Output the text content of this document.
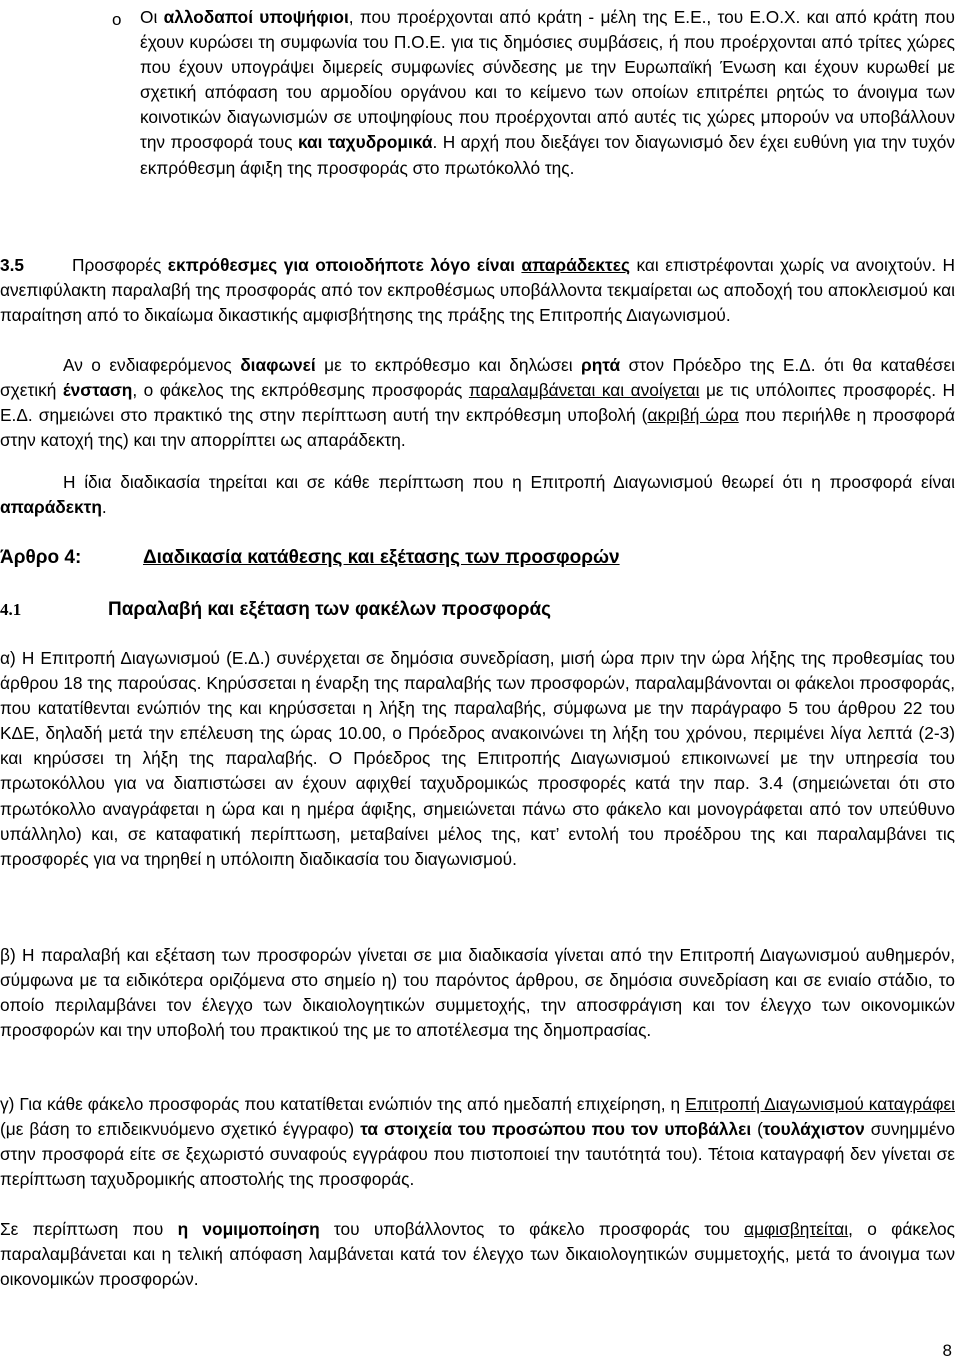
o Οι αλλοδαποί υποψήφιοι, που προέρχονται από κράτη - μέλη της Ε.Ε., του Ε.Ο.Χ. και από κράτη που έχουν κυρώσει τη συμφωνία του Π.Ο.Ε. για τις δημόσιες συμβάσεις, ή που προέρχονται από τρίτες χώρες που έχουν υπογράψει διμερείς συμφωνίες σύνδεσης με την Ευρωπαϊκή Ένωση και έχουν κυρωθεί με σχετική απόφαση του αρμοδίου οργάνου και το κείμενο των οποίων επιτρέπει ρητώς το άνοιγμα των κοινοτικών διαγωνισμών σε υποψηφίους που προέρχονται από αυτές τις χώρες μπορούν να υποβάλλουν την προσφορά τους και ταχυδρομικά. Η αρχή που διεξάγει τον διαγωνισμό δεν έχει ευθύνη για την τυχόν εκπρόθεσμη άφιξη της προσφοράς στο πρωτόκολλό της.

3.5	Προσφορές εκπρόθεσμες για οποιοδήποτε λόγο είναι απαράδεκτες και επιστρέφονται χωρίς να ανοιχτούν. Η ανεπιφύλακτη παραλαβή της προσφοράς από τον εκπροθέσμως υποβάλλοντα τεκμαίρεται ως αποδοχή του αποκλεισμού και παραίτηση από το δικαίωμα δικαστικής αμφισβήτησης της πράξης της Επιτροπής Διαγωνισμού.

Αν ο ενδιαφερόμενος διαφωνεί με το εκπρόθεσμο και δηλώσει ρητά στον Πρόεδρο της Ε.Δ. ότι θα καταθέσει σχετική ένσταση, ο φάκελος της εκπρόθεσμης προσφοράς παραλαμβάνεται και ανοίγεται με τις υπόλοιπες προσφορές. Η Ε.Δ. σημειώνει στο πρακτικό της στην περίπτωση αυτή την εκπρόθεσμη υποβολή (ακριβή ώρα που περιήλθε η προσφορά στην κατοχή της) και την απορρίπτει ως απαράδεκτη.

Η ίδια διαδικασία τηρείται και σε κάθε περίπτωση που η Επιτροπή Διαγωνισμού θεωρεί ότι η προσφορά είναι απαράδεκτη.

Άρθρο 4:	Διαδικασία κατάθεσης και εξέτασης των προσφορών
4.1	Παραλαβή και εξέταση των φακέλων προσφοράς

α) Η Επιτροπή Διαγωνισμού (Ε.Δ.) συνέρχεται σε δημόσια συνεδρίαση, μισή ώρα πριν την ώρα λήξης της προθεσμίας του άρθρου 18 της παρούσας. Κηρύσσεται η έναρξη της παραλαβής των προσφορών, παραλαμβάνονται οι φάκελοι προσφοράς, που κατατίθενται ενώπιόν της και κηρύσσεται η λήξη της παραλαβής, σύμφωνα με την παράγραφο 5 του άρθρου 22 του ΚΔΕ, δηλαδή μετά την επέλευση της ώρας 10.00, ο Πρόεδρος ανακοινώνει τη λήξη του χρόνου, περιμένει λίγα λεπτά (2-3) και κηρύσσει τη λήξη της παραλαβής. Ο Πρόεδρος της Επιτροπής Διαγωνισμού επικοινωνεί με την υπηρεσία του πρωτοκόλλου για να διαπιστώσει αν έχουν αφιχθεί ταχυδρομικώς προσφορές κατά την παρ. 3.4 (σημειώνεται ότι στο πρωτόκολλο αναγράφεται η ώρα και η ημέρα άφιξης, σημειώνεται πάνω στο φάκελο και μονογράφεται από τον υπεύθυνο υπάλληλο) και, σε καταφατική περίπτωση, μεταβαίνει μέλος της, κατ’ εντολή του προέδρου της και παραλαμβάνει τις προσφορές για να τηρηθεί η υπόλοιπη διαδικασία του διαγωνισμού.

β) Η παραλαβή και εξέταση των προσφορών γίνεται σε μια διαδικασία γίνεται από την Επιτροπή Διαγωνισμού αυθημερόν, σύμφωνα με τα ειδικότερα οριζόμενα στο σημείο η) του παρόντος άρθρου, σε δημόσια συνεδρίαση και σε ενιαίο στάδιο, το οποίο περιλαμβάνει τον έλεγχο των δικαιολογητικών συμμετοχής, την αποσφράγιση και τον έλεγχο των οικονομικών προσφορών και την υποβολή του πρακτικού της με το αποτέλεσμα της δημοπρασίας.

γ) Για κάθε φάκελο προσφοράς που κατατίθεται ενώπιόν της από ημεδαπή επιχείρηση, η Επιτροπή Διαγωνισμού καταγράφει (με βάση το επιδεικνυόμενο σχετικό έγγραφο) τα στοιχεία του προσώπου που τον υποβάλλει (τουλάχιστον συνημμένο στην προσφορά είτε σε ξεχωριστό συναφούς εγγράφου που πιστοποιεί την ταυτότητά του). Τέτοια καταγραφή δεν γίνεται σε περίπτωση ταχυδρομικής αποστολής της προσφοράς.

Σε περίπτωση που η νομιμοποίηση του υποβάλλοντος το φάκελο προσφοράς του αμφισβητείται, ο φάκελος παραλαμβάνεται και η τελική απόφαση λαμβάνεται κατά τον έλεγχο των δικαιολογητικών συμμετοχής, μετά το άνοιγμα των οικονομικών προσφορών.

8
